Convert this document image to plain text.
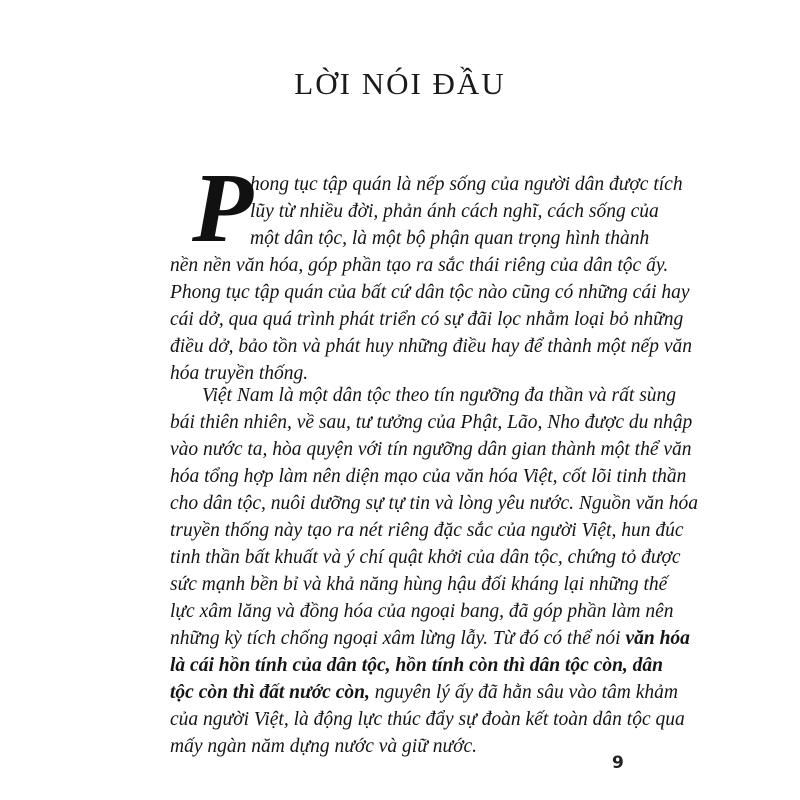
LỜI NÓI ĐẦU
P
hong tục tập quán là nếp sống của người dân được tích
lũy từ nhiều đời, phản ánh cách nghĩ, cách sống của
một dân tộc, là một bộ phận quan trọng hình thành
nền nền văn hóa, góp phần tạo ra sắc thái riêng của dân tộc ấy.
Phong tục tập quán của bất cứ dân tộc nào cũng có những cái hay
cái dở, qua quá trình phát triển có sự đãi lọc nhằm loại bỏ những
điều dở, bảo tồn và phát huy những điều hay để thành một nếp văn
hóa truyền thống.
Việt Nam là một dân tộc theo tín ngưỡng đa thần và rất sùng
bái thiên nhiên, về sau, tư tưởng của Phật, Lão, Nho được du nhập
vào nước ta, hòa quyện với tín ngưỡng dân gian thành một thể văn
hóa tổng hợp làm nên diện mạo của văn hóa Việt, cốt lõi tinh thần
cho dân tộc, nuôi dưỡng sự tự tin và lòng yêu nước. Nguồn văn hóa
truyền thống này tạo ra nét riêng đặc sắc của người Việt, hun đúc
tinh thần bất khuất và ý chí quật khởi của dân tộc, chứng tỏ được
sức mạnh bền bỉ và khả năng hùng hậu đối kháng lại những thế
lực xâm lăng và đồng hóa của ngoại bang, đã góp phần làm nên
những kỳ tích chống ngoại xâm lừng lẫy. Từ đó có thể nói văn hóa
là cái hồn tính của dân tộc, hồn tính còn thì dân tộc còn, dân
tộc còn thì đất nước còn, nguyên lý ấy đã hằn sâu vào tâm khảm
của người Việt, là động lực thúc đẩy sự đoàn kết toàn dân tộc qua
mấy ngàn năm dựng nước và giữ nước.
9
